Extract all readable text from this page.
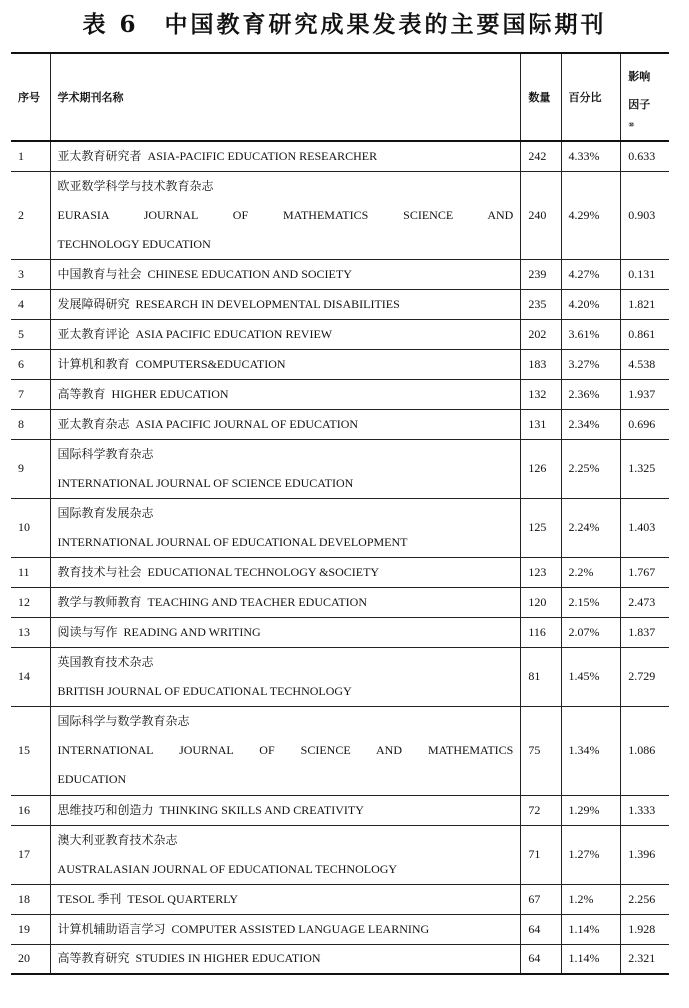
表 6　中国教育研究成果发表的主要国际期刊
序号	学术期刊名称	数量	百分比	影响
因子
⑩

1	亚太教育研究者 ASIA-PACIFIC EDUCATION RESEARCHER	242	4.33%	0.633
2	欧亚数学科学与技术教育杂志
EURASIA JOURNAL OF MATHEMATICS SCIENCE AND
TECHNOLOGY EDUCATION	240	4.29%	0.903
3	中国教育与社会 CHINESE EDUCATION AND SOCIETY	239	4.27%	0.131
4	发展障碍研究 RESEARCH IN DEVELOPMENTAL DISABILITIES	235	4.20%	1.821
5	亚太教育评论 ASIA PACIFIC EDUCATION REVIEW	202	3.61%	0.861
6	计算机和教育 COMPUTERS&EDUCATION	183	3.27%	4.538
7	高等教育 HIGHER EDUCATION	132	2.36%	1.937
8	亚太教育杂志 ASIA PACIFIC JOURNAL OF EDUCATION	131	2.34%	0.696
9	国际科学教育杂志
INTERNATIONAL JOURNAL OF SCIENCE EDUCATION	126	2.25%	1.325
10	国际教育发展杂志
INTERNATIONAL JOURNAL OF EDUCATIONAL DEVELOPMENT	125	2.24%	1.403
11	教育技术与社会 EDUCATIONAL TECHNOLOGY &SOCIETY	123	2.2%	1.767
12	教学与教师教育 TEACHING AND TEACHER EDUCATION	120	2.15%	2.473
13	阅读与写作 READING AND WRITING	116	2.07%	1.837
14	英国教育技术杂志
BRITISH JOURNAL OF EDUCATIONAL TECHNOLOGY	81	1.45%	2.729
15	国际科学与数学教育杂志
INTERNATIONAL JOURNAL OF SCIENCE AND MATHEMATICS
EDUCATION	75	1.34%	1.086
16	思维技巧和创造力 THINKING SKILLS AND CREATIVITY	72	1.29%	1.333
17	澳大利亚教育技术杂志
AUSTRALASIAN JOURNAL OF EDUCATIONAL TECHNOLOGY	71	1.27%	1.396
18	TESOL 季刊 TESOL QUARTERLY	67	1.2%	2.256
19	计算机辅助语言学习 COMPUTER ASSISTED LANGUAGE LEARNING	64	1.14%	1.928
20	高等教育研究 STUDIES IN HIGHER EDUCATION	64	1.14%	2.321
